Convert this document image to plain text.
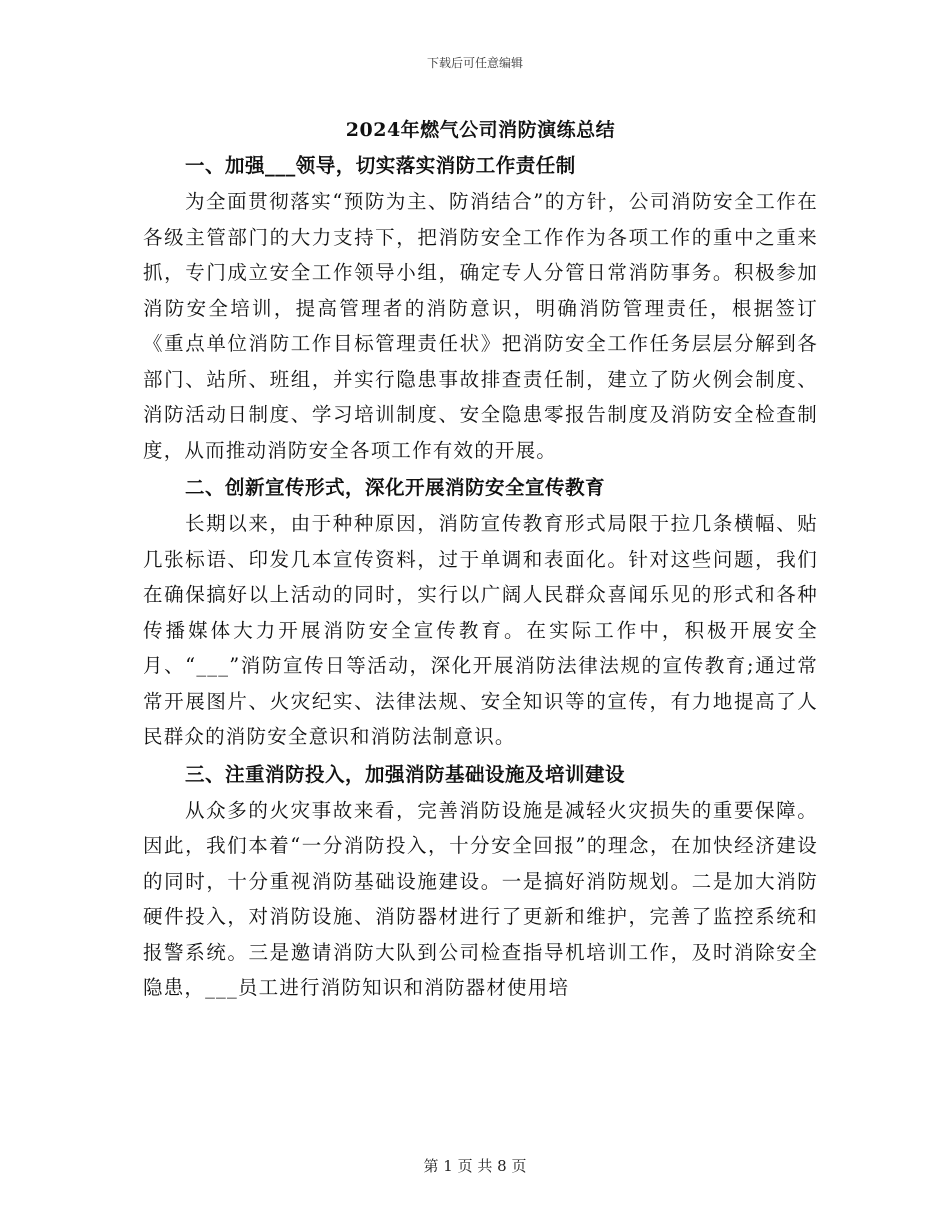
下载后可任意编辑
2024年燃气公司消防演练总结
一、加强___领导，切实落实消防工作责任制

为全面贯彻落实“预防为主、防消结合”的方针，公司消防安全工作在各级主管部门的大力支持下，把消防安全工作作为各项工作的重中之重来抓，专门成立安全工作领导小组，确定专人分管日常消防事务。积极参加消防安全培训，提高管理者的消防意识，明确消防管理责任，根据签订《重点单位消防工作目标管理责任状》把消防安全工作任务层层分解到各部门、站所、班组，并实行隐患事故排查责任制，建立了防火例会制度、消防活动日制度、学习培训制度、安全隐患零报告制度及消防安全检查制度，从而推动消防安全各项工作有效的开展。

二、创新宣传形式，深化开展消防安全宣传教育

长期以来，由于种种原因，消防宣传教育形式局限于拉几条横幅、贴几张标语、印发几本宣传资料，过于单调和表面化。针对这些问题，我们在确保搞好以上活动的同时，实行以广阔人民群众喜闻乐见的形式和各种传播媒体大力开展消防安全宣传教育。在实际工作中，积极开展安全月、“___”消防宣传日等活动，深化开展消防法律法规的宣传教育;通过常常开展图片、火灾纪实、法律法规、安全知识等的宣传，有力地提高了人民群众的消防安全意识和消防法制意识。

三、注重消防投入，加强消防基础设施及培训建设

从众多的火灾事故来看，完善消防设施是减轻火灾损失的重要保障。因此，我们本着“一分消防投入，十分安全回报”的理念，在加快经济建设的同时，十分重视消防基础设施建设。一是搞好消防规划。二是加大消防硬件投入，对消防设施、消防器材进行了更新和维护，完善了监控系统和报警系统。三是邀请消防大队到公司检查指导机培训工作，及时消除安全隐患，___员工进行消防知识和消防器材使用培

第 1 页 共 8 页
